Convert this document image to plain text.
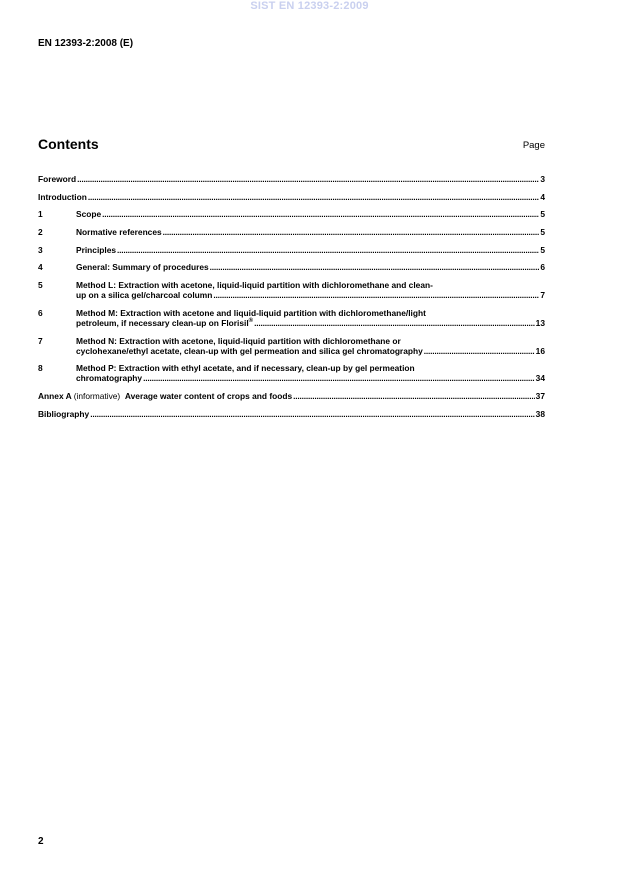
SIST EN 12393-2:2009
EN 12393-2:2008 (E)
Contents	Page
Foreword .....	3
Introduction .....	4
1	Scope .....	5
2	Normative references .....	5
3	Principles .....	5
4	General: Summary of procedures .....	6
5	Method L: Extraction with acetone, liquid-liquid partition with dichloromethane and clean-
up on a silica gel/charcoal column .....	7
6	Method M: Extraction with acetone and liquid-liquid partition with dichloromethane/light
petroleum, if necessary clean-up on Florisil® .....	13
7	Method N: Extraction with acetone, liquid-liquid partition with dichloromethane or
cyclohexane/ethyl acetate, clean-up with gel permeation and silica gel chromatography .....	16
8	Method P: Extraction with ethyl acetate, and if necessary, clean-up by gel permeation
chromatography .....	34
Annex A (informative) Average water content of crops and foods .....	37
Bibliography .....	38
2
